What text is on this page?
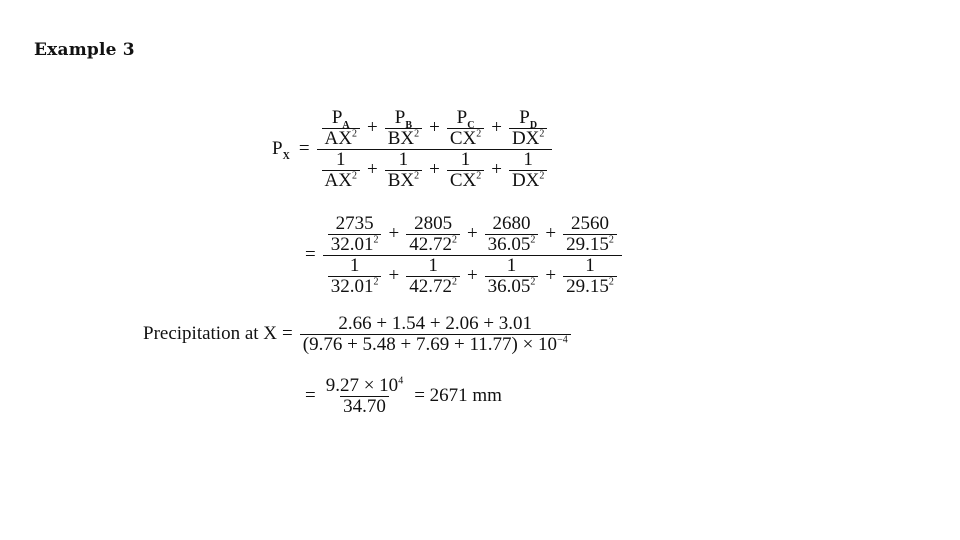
Example 3
$P_X = \frac{\frac{P_A}{AX^2} + \frac{P_B}{BX^2} + \frac{P_C}{CX^2} + \frac{P_D}{DX^2}}{\frac{1}{AX^2} + \frac{1}{BX^2} + \frac{1}{CX^2} + \frac{1}{DX^2}}$
= $\frac{\frac{2735}{32.01^2} + \frac{2805}{42.72^2} + \frac{2680}{36.05^2} + \frac{2560}{29.15^2}}{\frac{1}{32.01^2} + \frac{1}{42.72^2} + \frac{1}{36.05^2} + \frac{1}{29.15^2}}$
Precipitation at $X = \frac{2.66 + 1.54 + 2.06 + 3.01}{(9.76 + 5.48 + 7.69 + 11.77) \times 10^{-4}}$
= $\frac{9.27 \times 10^4}{34.70} = 2671$ mm
